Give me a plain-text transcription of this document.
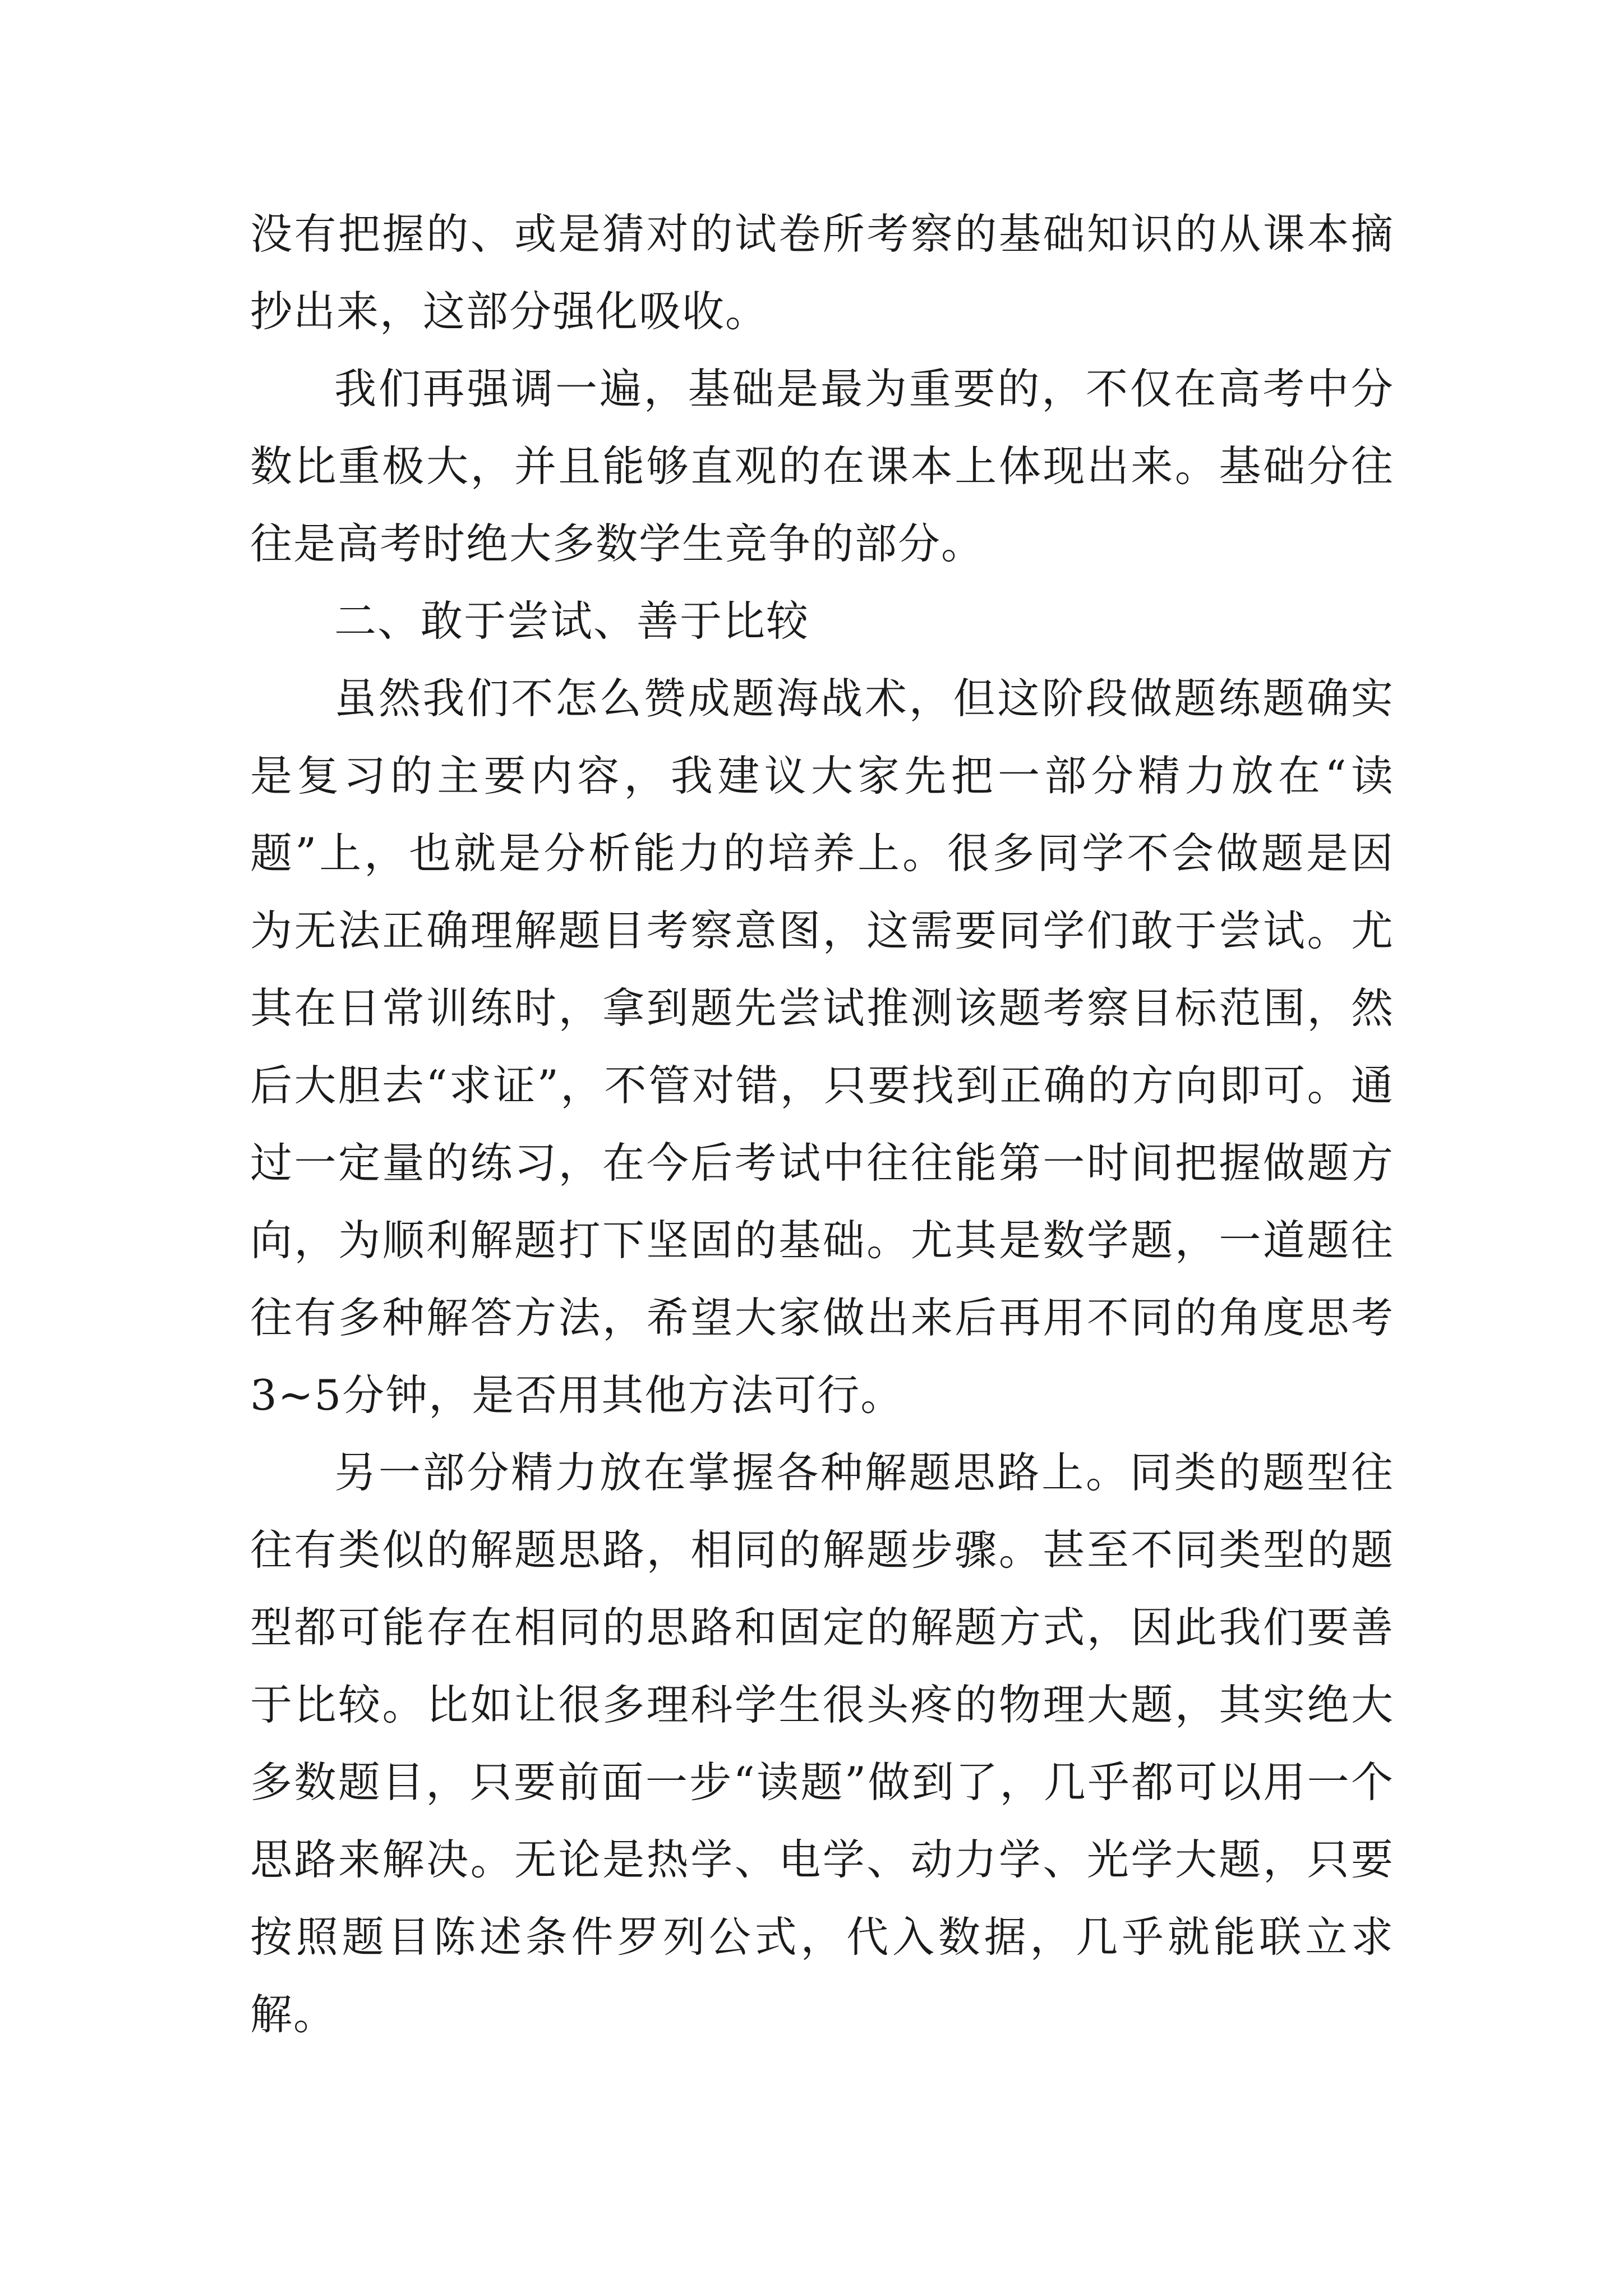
没有把握的、或是猜对的试卷所考察的基础知识的从课本摘抄出来，这部分强化吸收。

我们再强调一遍，基础是最为重要的，不仅在高考中分数比重极大，并且能够直观的在课本上体现出来。基础分往往是高考时绝大多数学生竞争的部分。

二、敢于尝试、善于比较

虽然我们不怎么赞成题海战术，但这阶段做题练题确实是复习的主要内容，我建议大家先把一部分精力放在“读题”上，也就是分析能力的培养上。很多同学不会做题是因为无法正确理解题目考察意图，这需要同学们敢于尝试。尤其在日常训练时，拿到题先尝试推测该题考察目标范围，然后大胆去“求证”，不管对错，只要找到正确的方向即可。通过一定量的练习，在今后考试中往往能第一时间把握做题方向，为顺利解题打下坚固的基础。尤其是数学题，一道题往往有多种解答方法，希望大家做出来后再用不同的角度思考3~5分钟，是否用其他方法可行。

另一部分精力放在掌握各种解题思路上。同类的题型往往有类似的解题思路，相同的解题步骤。甚至不同类型的题型都可能存在相同的思路和固定的解题方式，因此我们要善于比较。比如让很多理科学生很头疼的物理大题，其实绝大多数题目，只要前面一步“读题”做到了，几乎都可以用一个思路来解决。无论是热学、电学、动力学、光学大题，只要按照题目陈述条件罗列公式，代入数据，几乎就能联立求解。
